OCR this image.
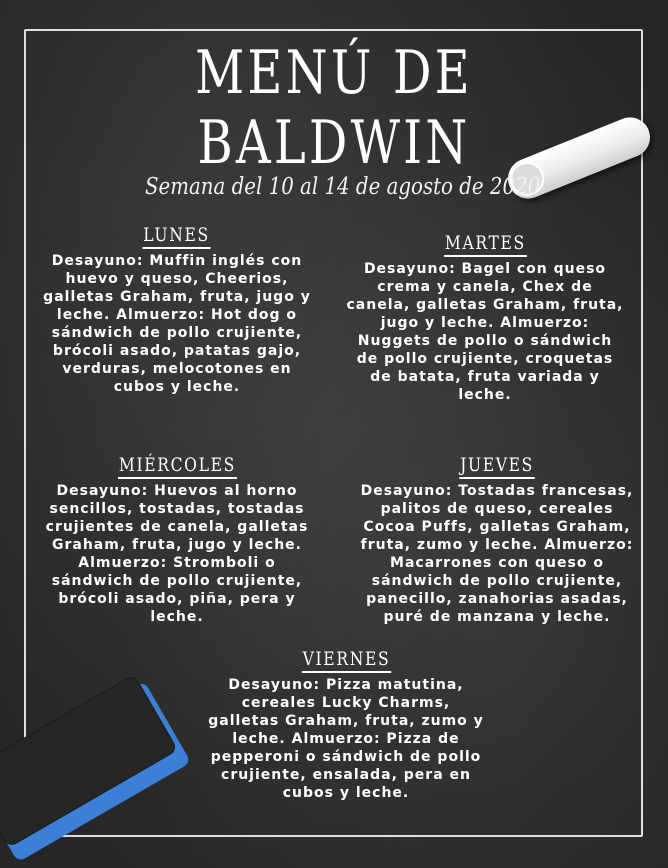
MENÚ DE BALDWIN

Semana del 10 al 14 de agosto de 2020

LUNES

Desayuno: Muffin inglés con huevo y queso, Cheerios, galletas Graham, fruta, jugo y leche. Almuerzo: Hot dog o sándwich de pollo crujiente, brócoli asado, patatas gajo, verduras, melocotones en cubos y leche.

MARTES

Desayuno: Bagel con queso crema y canela, Chex de canela, galletas Graham, fruta, jugo y leche. Almuerzo: Nuggets de pollo o sándwich de pollo crujiente, croquetas de batata, fruta variada y leche.

MIÉRCOLES

Desayuno: Huevos al horno sencillos, tostadas, tostadas crujientes de canela, galletas Graham, fruta, jugo y leche. Almuerzo: Stromboli o sándwich de pollo crujiente, brócoli asado, piña, pera y leche.

JUEVES

Desayuno: Tostadas francesas, palitos de queso, cereales Cocoa Puffs, galletas Graham, fruta, zumo y leche. Almuerzo: Macarrones con queso o sándwich de pollo crujiente, panecillo, zanahorias asadas, puré de manzana y leche.

VIERNES

Desayuno: Pizza matutina, cereales Lucky Charms, galletas Graham, fruta, zumo y leche. Almuerzo: Pizza de pepperoni o sándwich de pollo crujiente, ensalada, pera en cubos y leche.
